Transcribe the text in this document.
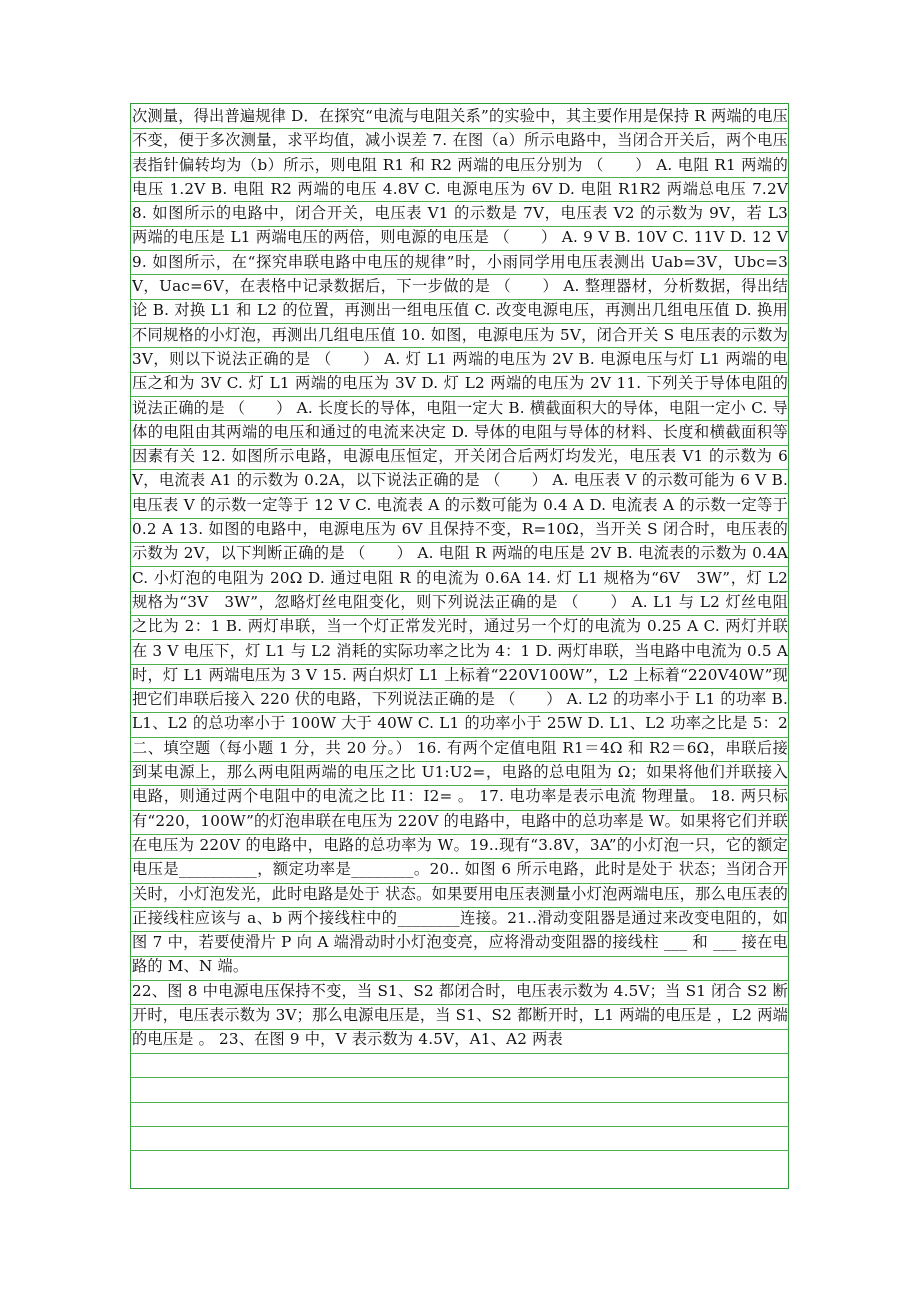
次测量，得出普遍规律 D．在探究“电流与电阻关系”的实验中，其主要作用是保持 R 两端的电压不变，便于多次测量，求平均值，减小误差 7. 在图（a）所示电路中，当闭合开关后，两个电压表指针偏转均为（b）所示，则电阻 R1 和 R2 两端的电压分别为 （　　） A. 电阻 R1 两端的电压 1.2V B. 电阻 R2 两端的电压 4.8V C. 电源电压为 6V D. 电阻 R1R2 两端总电压 7.2V 8. 如图所示的电路中，闭合开关，电压表 V1 的示数是 7V，电压表 V2 的示数为 9V，若 L3 两端的电压是 L1 两端电压的两倍，则电源的电压是 （　　） A. 9 V B. 10V C. 11V D. 12 V 9. 如图所示，在“探究串联电路中电压的规律”时，小雨同学用电压表测出 Uab=3V，Ubc=3V，Uac=6V，在表格中记录数据后，下一步做的是 （　　） A. 整理器材，分析数据，得出结论 B. 对换 L1 和 L2 的位置，再测出一组电压值 C. 改变电源电压，再测出几组电压值 D. 换用不同规格的小灯泡，再测出几组电压值 10. 如图，电源电压为 5V，闭合开关 S 电压表的示数为 3V，则以下说法正确的是 （　　） A. 灯 L1 两端的电压为 2V B. 电源电压与灯 L1 两端的电压之和为 3V C. 灯 L1 两端的电压为 3V D. 灯 L2 两端的电压为 2V 11. 下列关于导体电阻的说法正确的是 （　　） A. 长度长的导体，电阻一定大 B. 横截面积大的导体，电阻一定小 C. 导体的电阻由其两端的电压和通过的电流来决定 D. 导体的电阻与导体的材料、长度和横截面积等因素有关 12. 如图所示电路，电源电压恒定，开关闭合后两灯均发光，电压表 V1 的示数为 6V，电流表 A1 的示数为 0.2A，以下说法正确的是 （　　） A. 电压表 V 的示数可能为 6 V B. 电压表 V 的示数一定等于 12 V C. 电流表 A 的示数可能为 0.4 A D. 电流表 A 的示数一定等于 0.2 A 13. 如图的电路中，电源电压为 6V 且保持不变，R=10Ω，当开关 S 闭合时，电压表的示数为 2V，以下判断正确的是 （　　） A. 电阻 R 两端的电压是 2V B. 电流表的示数为 0.4A C. 小灯泡的电阻为 20Ω D. 通过电阻 R 的电流为 0.6A 14. 灯 L1 规格为“6V　3W”，灯 L2 规格为“3V　3W”，忽略灯丝电阻变化，则下列说法正确的是 （　　） A. L1 与 L2 灯丝电阻之比为 2：1 B. 两灯串联，当一个灯正常发光时，通过另一个灯的电流为 0.25 A C. 两灯并联在 3 V 电压下，灯 L1 与 L2 消耗的实际功率之比为 4：1 D. 两灯串联，当电路中电流为 0.5 A 时，灯 L1 两端电压为 3 V 15. 两白炽灯 L1 上标着“220V100W”，L2 上标着“220V40W”现把它们串联后接入 220 伏的电路，下列说法正确的是 （　　） A. L2 的功率小于 L1 的功率 B. L1、L2 的总功率小于 100W 大于 40W C. L1 的功率小于 25W D. L1、L2 功率之比是 5：2 二、填空题（每小题 1 分，共 20 分。） 16. 有两个定值电阻 R1＝4Ω 和 R2＝6Ω，串联后接到某电源上，那么两电阻两端的电压之比 U1:U2=，电路的总电阻为 Ω；如果将他们并联接入电路，则通过两个电阻中的电流之比 I1：I2= 。 17. 电功率是表示电流 物理量。 18. 两只标有“220，100W”的灯泡串联在电压为 220V 的电路中，电路中的总功率是 W。如果将它们并联在电压为 220V 的电路中，电路的总功率为 W。19..现有“3.8V，3A”的小灯泡一只，它的额定电压是__________，额定功率是________。20.. 如图 6 所示电路，此时是处于 状态；当闭合开关时，小灯泡发光，此时电路是处于 状态。如果要用电压表测量小灯泡两端电压，那么电压表的正接线柱应该与 a、b 两个接线柱中的________连接。21..滑动变阻器是通过来改变电阻的，如图 7 中，若要使滑片 P 向 A 端滑动时小灯泡变亮，应将滑动变阻器的接线柱 ___ 和 ___ 接在电路的 M、N 端。

22、图 8 中电源电压保持不变，当 S1、S2 都闭合时，电压表示数为 4.5V；当 S1 闭合 S2 断开时，电压表示数为 3V；那么电源电压是，当 S1、S2 都断开时，L1 两端的电压是 ，L2 两端的电压是 。 23、在图 9 中，V 表示数为 4.5V，A1、A2 两表
